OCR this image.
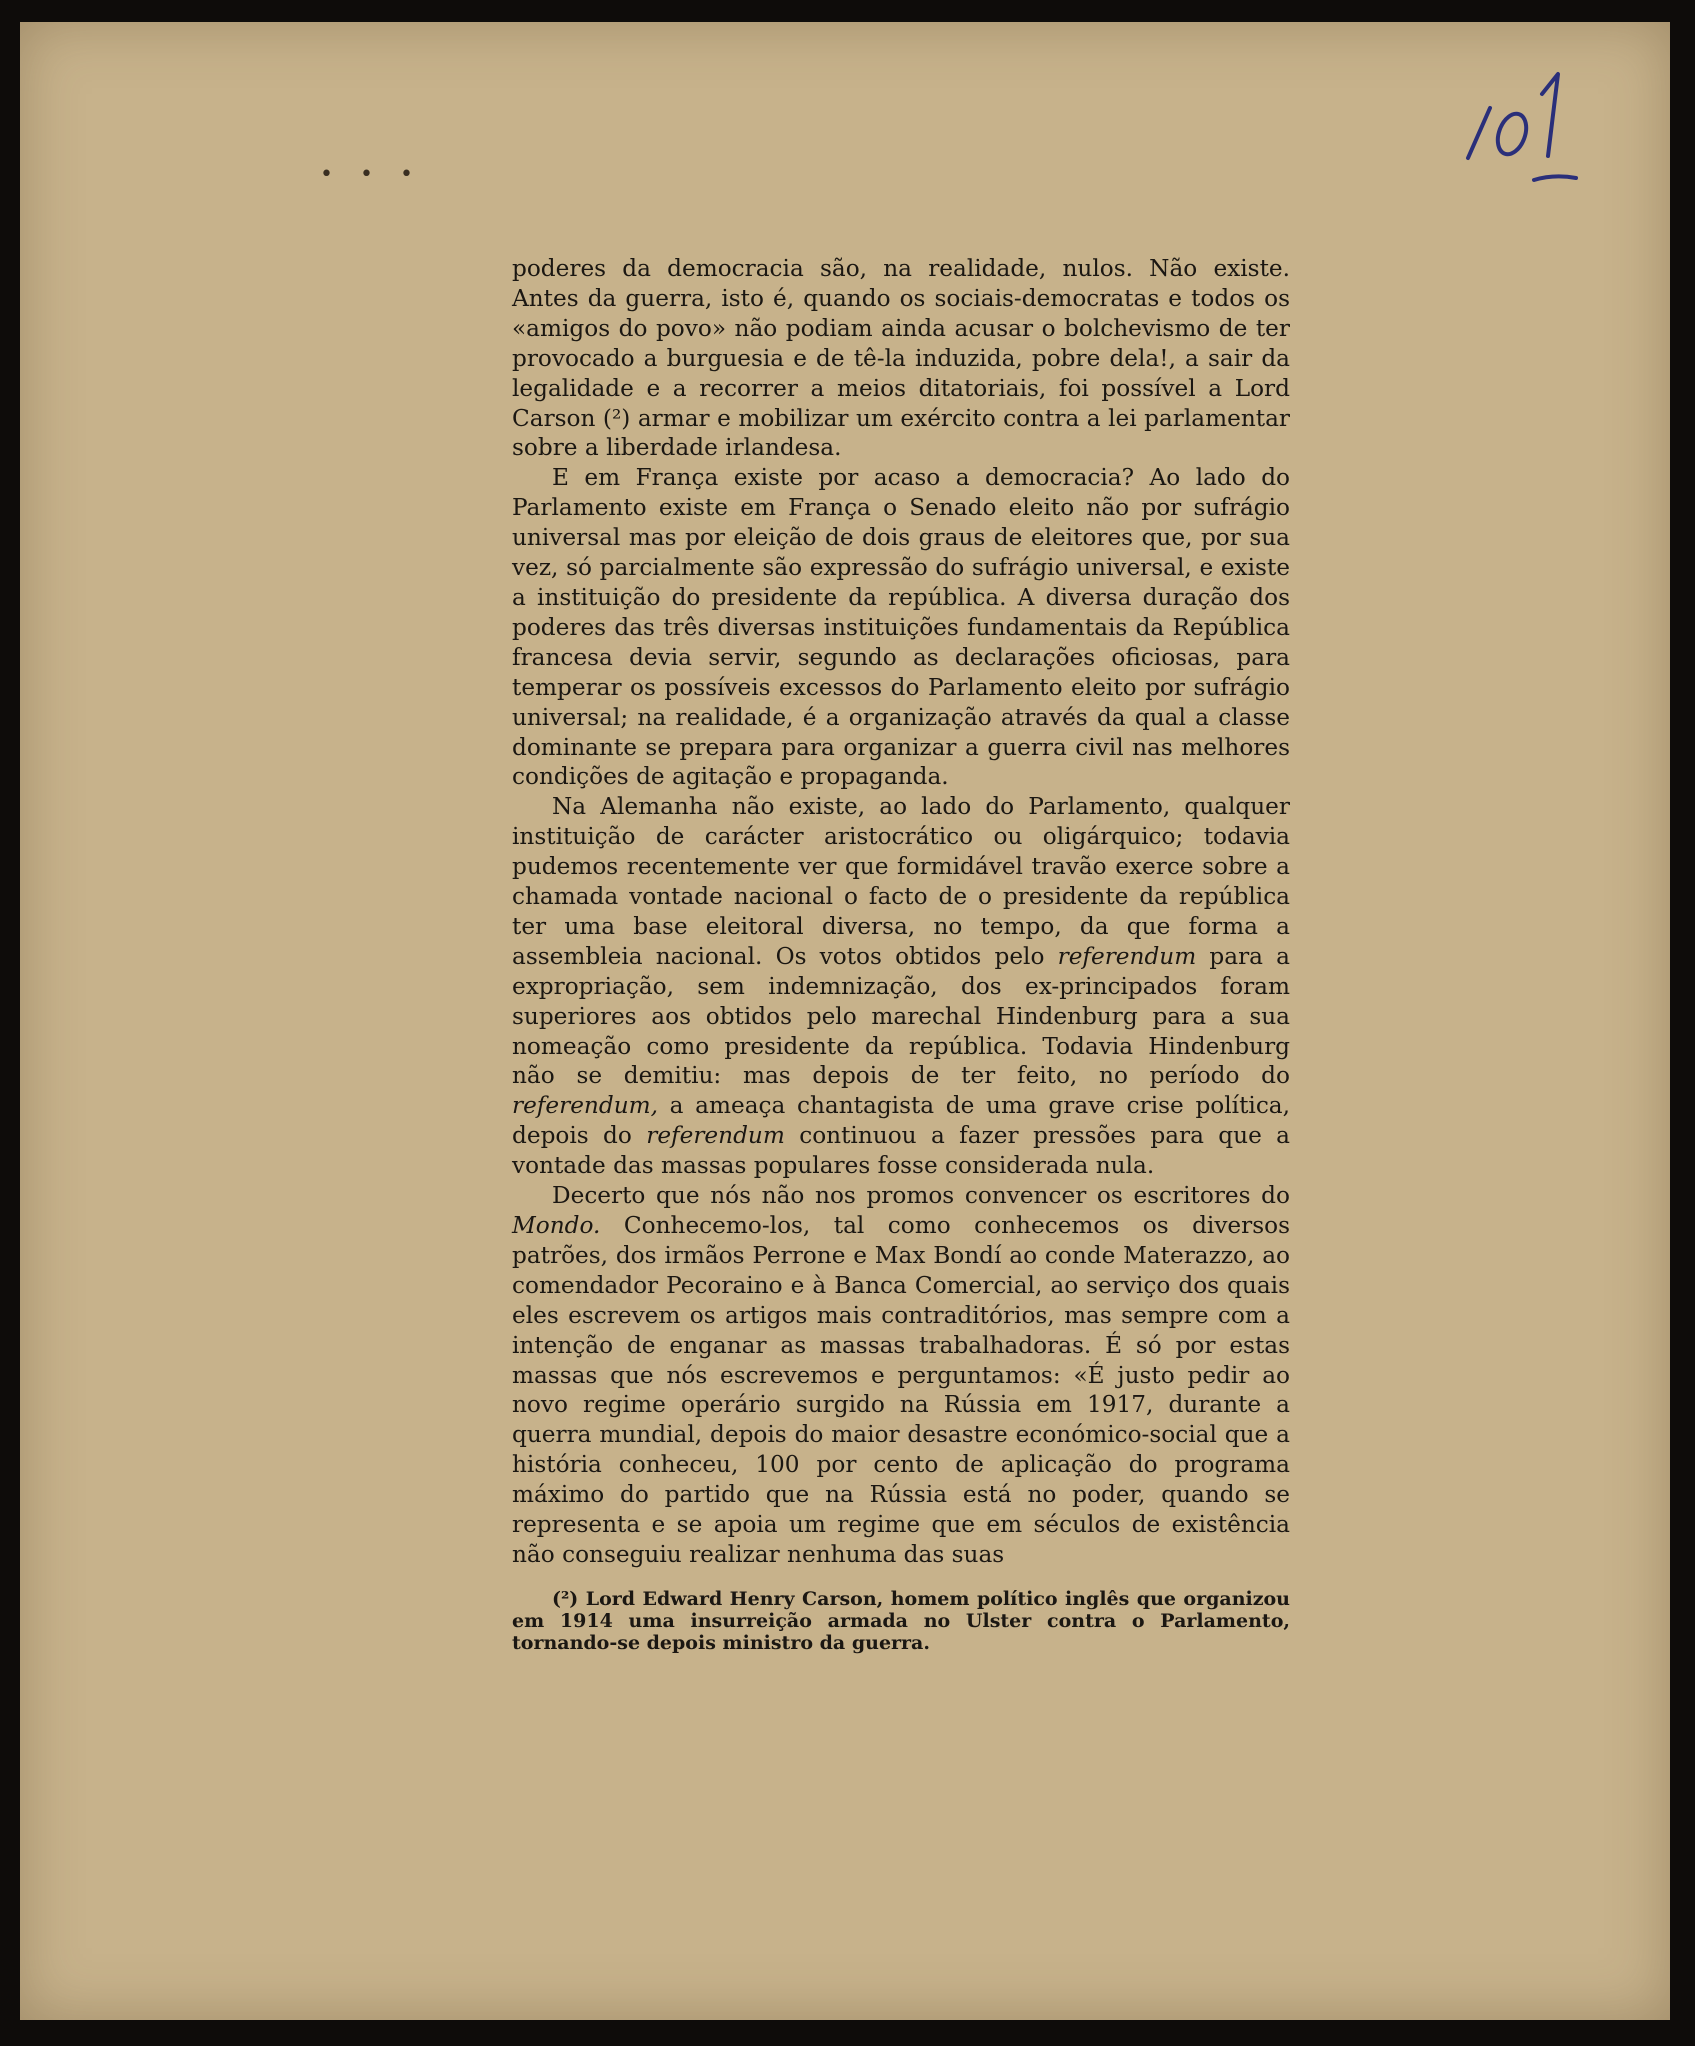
• • •

poderes da democracia são, na realidade, nulos. Não existe. Antes da guerra, isto é, quando os sociais-democratas e todos os «amigos do povo» não podiam ainda acusar o bolchevismo de ter provocado a burguesia e de tê-la induzida, pobre dela!, a sair da legalidade e a recorrer a meios ditatoriais, foi possível a Lord Carson (²) armar e mobilizar um exército contra a lei parlamentar sobre a liberdade irlandesa.

E em França existe por acaso a democracia? Ao lado do Parlamento existe em França o Senado eleito não por sufrágio universal mas por eleição de dois graus de eleitores que, por sua vez, só parcialmente são expressão do sufrágio universal, e existe a instituição do presidente da república. A diversa duração dos poderes das três diversas instituições fundamentais da República francesa devia servir, segundo as declarações oficiosas, para temperar os possíveis excessos do Parlamento eleito por sufrágio universal; na realidade, é a organização através da qual a classe dominante se prepara para organizar a guerra civil nas melhores condições de agitação e propaganda.

Na Alemanha não existe, ao lado do Parlamento, qualquer instituição de carácter aristocrático ou oligárquico; todavia pudemos recentemente ver que formidável travão exerce sobre a chamada vontade nacional o facto de o presidente da república ter uma base eleitoral diversa, no tempo, da que forma a assembleia nacional. Os votos obtidos pelo referendum para a expropriação, sem indemnização, dos ex-principados foram superiores aos obtidos pelo marechal Hindenburg para a sua nomeação como presidente da república. Todavia Hindenburg não se demitiu: mas depois de ter feito, no período do referendum, a ameaça chantagista de uma grave crise política, depois do referendum continuou a fazer pressões para que a vontade das massas populares fosse considerada nula.

Decerto que nós não nos promos convencer os escritores do Mondo. Conhecemo-los, tal como conhecemos os diversos patrões, dos irmãos Perrone e Max Bondí ao conde Materazzo, ao comendador Pecoraino e à Banca Comercial, ao serviço dos quais eles escrevem os artigos mais contraditórios, mas sempre com a intenção de enganar as massas trabalhadoras. É só por estas massas que nós escrevemos e perguntamos: «É justo pedir ao novo regime operário surgido na Rússia em 1917, durante a querra mundial, depois do maior desastre económico-social que a história conheceu, 100 por cento de aplicação do programa máximo do partido que na Rússia está no poder, quando se representa e se apoia um regime que em séculos de existência não conseguiu realizar nenhuma das suas

(²) Lord Edward Henry Carson, homem político inglês que organizou em 1914 uma insurreição armada no Ulster contra o Parlamento, tornando-se depois ministro da guerra.
